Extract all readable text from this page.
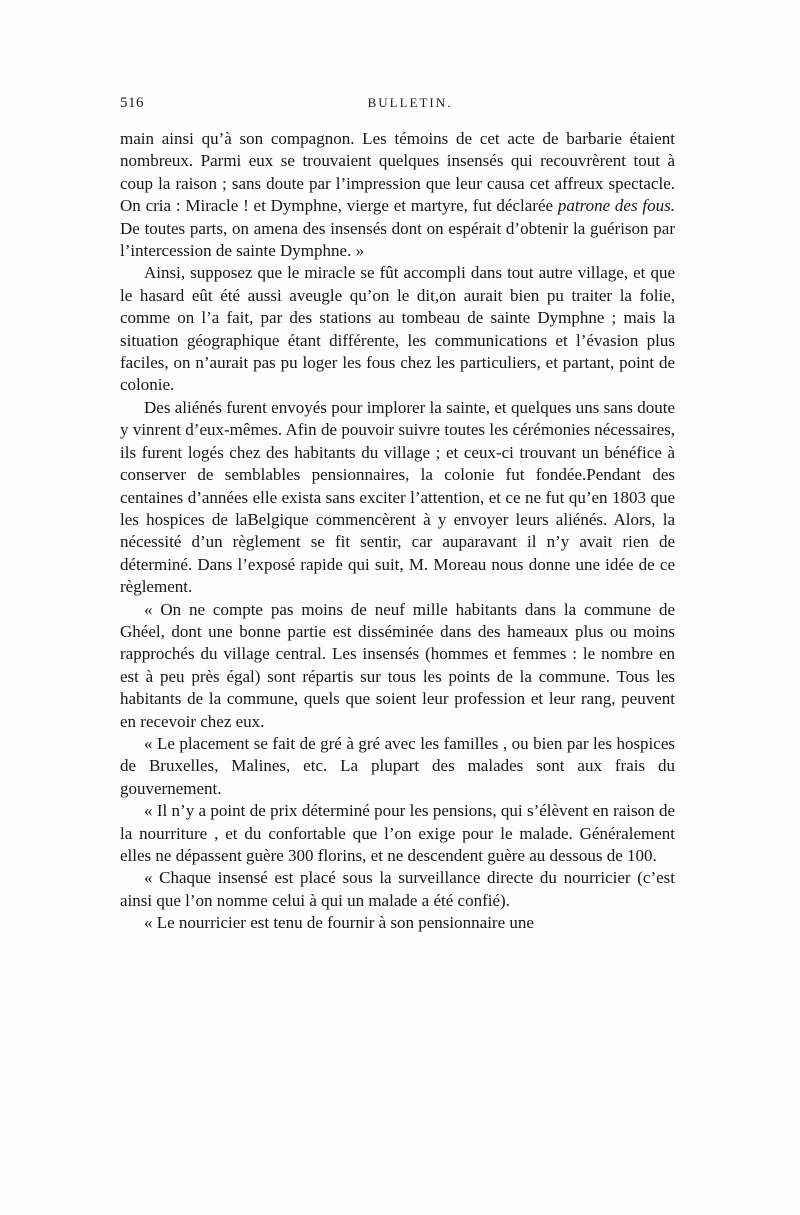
516	BULLETIN.

main ainsi qu’à son compagnon. Les témoins de cet acte de barbarie étaient nombreux. Parmi eux se trouvaient quelques insensés qui recouvrèrent tout à coup la raison ; sans doute par l’impression que leur causa cet affreux spectacle. On cria : Miracle ! et Dymphne, vierge et martyre, fut déclarée patrone des fous. De toutes parts, on amena des insensés dont on espérait d’obtenir la guérison par l’intercession de sainte Dymphne. »

Ainsi, supposez que le miracle se fût accompli dans tout autre village, et que le hasard eût été aussi aveugle qu’on le dit,on aurait bien pu traiter la folie, comme on l’a fait, par des stations au tombeau de sainte Dymphne ; mais la situation géographique étant différente, les communications et l’évasion plus faciles, on n’aurait pas pu loger les fous chez les particuliers, et partant, point de colonie.

Des aliénés furent envoyés pour implorer la sainte, et quelques uns sans doute y vinrent d’eux-mêmes. Afin de pouvoir suivre toutes les cérémonies nécessaires, ils furent logés chez des habitants du village ; et ceux-ci trouvant un bénéfice à conserver de semblables pensionnaires, la colonie fut fondée.Pendant des centaines d’années elle exista sans exciter l’attention, et ce ne fut qu’en 1803 que les hospices de laBelgique commencèrent à y envoyer leurs aliénés. Alors, la nécessité d’un règlement se fit sentir, car auparavant il n’y avait rien de déterminé. Dans l’exposé rapide qui suit, M. Moreau nous donne une idée de ce règlement.

« On ne compte pas moins de neuf mille habitants dans la commune de Ghéel, dont une bonne partie est disséminée dans des hameaux plus ou moins rapprochés du village central. Les insensés (hommes et femmes : le nombre en est à peu près égal) sont répartis sur tous les points de la commune. Tous les habitants de la commune, quels que soient leur profession et leur rang, peuvent en recevoir chez eux.

« Le placement se fait de gré à gré avec les familles , ou bien par les hospices de Bruxelles, Malines, etc. La plupart des malades sont aux frais du gouvernement.

« Il n’y a point de prix déterminé pour les pensions, qui s’élèvent en raison de la nourriture , et du confortable que l’on exige pour le malade. Généralement elles ne dépassent guère 300 florins, et ne descendent guère au dessous de 100.

« Chaque insensé est placé sous la surveillance directe du nourricier (c’est ainsi que l’on nomme celui à qui un malade a été confié).

« Le nourricier est tenu de fournir à son pensionnaire une
